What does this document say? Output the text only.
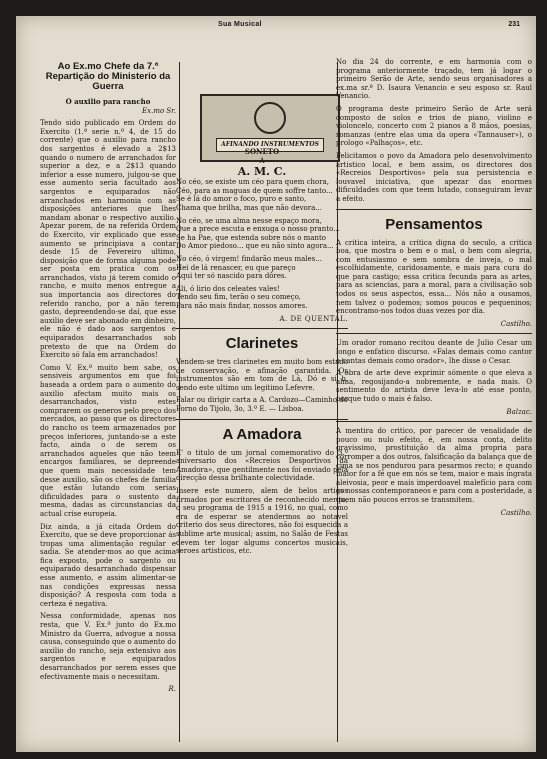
Sua Musical	231
AFINANDO INSTRUMENTOS
Ao Ex.mo Chefe da 7.ª Repartição do Ministerio da Guerra
O auxilio para rancho

Ex.mo Sr.

Tendo sido publicado em Ordem do Exercito (1.ª serie n.º 4, de 15 do corrente) que o auxilio para rancho dos sargentos é elevado a 2$13 quando o numero de arranchados for superior a dez, e a 2$13 quando inferior a esse numero, julgou-se que esse aumento seria facultado aos sargentos e equiparados não arranchados em harmonia com as disposições anteriores que lhes mandam abonar o respectivo auxilio. Apezar porem, de na referida Ordem do Exercito, vir explicado que esse aumento se principiava a contar desde 15 de Fevereiro ultimo, disposição que de forma alguma pode ser posta em pratica com os arranchados, visto já terem comido o rancho, e muito menos entregue a sua importancia aos directores do referido rancho, por a não terem gasto, depreendendo-se daí, que esse auxilio deve ser abonado em dinheiro, ele não é dado aos sargentos e equiparados desarranchados sob pretexto de que na Ordem do Exercito só fala em arranchados!

Como V. Ex.ª muito bem sabe, os sensiveis argumentos em que foi baseada a ordem para o aumento do auxilio afectam muito mais os desarranchados, visto estes comprarem os generos pelo preço dos mercados, ao passo que os directores do rancho os teem armazenados por preços inferiores, juntando-se a este facto, ainda o de serem os arranchados aqueles que não teem encargos familiares, se depreende que quem mais necessidade tem desse auxilio, são os chefes de familia que estão lutando com serias dificuldades para o sustento da mesma, dadas as circunstancias da actual crise europeia.

Diz ainda, a já citada Ordem do Exercito, que se deve proporcionar ás tropas uma alimentação regular e sadia. Se atender-mos ao que acima fica exposto, pode o sargento ou equiparado desarranchado dispensar esse aumento, e assim alimentar-se nas condições expressas nessa disposição? A resposta com toda a certeza é negativa.

Nessa conformidade, apenas nos resta, que V. Ex.ª junto do Ex.mo Ministro da Guerra, advogue a nossa causa, conseguindo que o aumento do auxilio do rancho, seja extensivo aos sargentos e equiparados desarranchados por serem esses que efectivamente mais o necessitam.

R.

SONETO
A
A. M. C.

No céo, se existe um céo para quem chora,
Céo, para as maguas de quem soffre tanto...
Se é lá do amor o foco, puro e santo,
Chama que brilha, mas que não devora...

No céo, se uma alma nesse espaço mora,
Que a prece escuta e enxuga o nosso pranto...
Se ha Pae, que estenda sobre nós o manto
Do Amor piedoso... que eu não sinto agora...

No céo, ó virgem! findarão meus males...
Hei de lá renascer, eu que pareço
Aqui ter só nascido para dôres.

Ali, ó lirio dos celeates vales!
Tendo seu fim, terão o seu começo,
Para não mais findar, nossos amores.

A. DE QUENTAL.

Clarinetes

Vendem-se tres clarinetes em muito bom estado de conservação, e afinação garantida. Os instrumentos são em tom de Lá, Dó e si b, sendo este ultimo um legitimo Lefevre.

Falar ou dirigir carta a A. Cardozo—Caminho do Forno do Tijolo, 3o, 3.º E. — Lisboa.

A Amadora

E' o titulo de um jornal comemorativo do 3.º aniversario dos «Recreios Desportivos da Amadora», que gentilmente nos foi enviado pela direcção dessa brilhante colectividade.

Insere este numero, alem de belos artigos firmados por escritores de reconhecido merito, o seu programa de 1915 a 1916, no qual, como era de esperar se atendermos ao notavel criterio dos seus directores, não foi esquecida a sublime arte musical; assim, no Salão de Festas devem ter logar algums concertos musicais, seroes artisticos, etc.

No dia 24 do corrente, e em harmonia com o programa anteriormente traçado, tem já logar o primeiro Serão de Arte, sendo seus organisadores a ex.ma sr.ª D. Isaura Venancio e seu esposo sr. Raul Venancio.

O programa deste primeiro Serão de Arte será composto de solos e trios de piano, violino e violoncelo, concerto com 2 pianos a 8 mãos, poesias, romanzas (entre elas uma da opera «Tannauser»), o prologo «Palhaços», etc.

Felicitamos o povo da Amadora pelo desenvolvimento artistico local, e bem assim, os directores dos «Recreios Desportivos» pela sua persistencia e louvavel iniciativa, que apezar das enormes dificuldades com que teem lutado, conseguiram levar a efeito.

Pensamentos

A critica inteira, a critica digna do seculo, a critica boa, que mostra o bem e o mal, o bem com alegria, com entusiasmo e sem sombra de inveja, o mal escolhidamente, caridosamente, e mais para cura do que para castigo; essa critica fecunda para as artes, para as sciencias, para a moral, para a civilisação sob todos os seus aspectos, essa... Nós não a ousamos, nem talvez o podemos; somos poucos e pequeninos; encontramo-nos todos duas vezes por dia.

Castilho.

Um orador romano recitou deante de Julio Cesar um longo e enfatico discurso. «Falas demais como cantor e cantas demais como orador», lhe disse o Cesar.

A obra de arte deve exprimir sómente o que eleva a alma, regosijando-a nobremente, e nada mais. O sentimento do artista deve leva-lo até esse ponto, porque tudo o mais é falso.

Balzac.

A mentira do critico, por parecer de venalidade de pouco ou nulo efeito, é, em nossa conta, delito gravissimo, prostituição da alma propria para corromper a dos outros, falsificação da balança que de cima se nos pendurou para pesarmos recto; e quando maior for a fé que em nós se tem, maior e mais ingrata aleivosia, peor e mais imperdoavel malefício para com as nossas contemporaneos e para com a posteridade, a quem não poucos erros se transmitem.

Castilho.
